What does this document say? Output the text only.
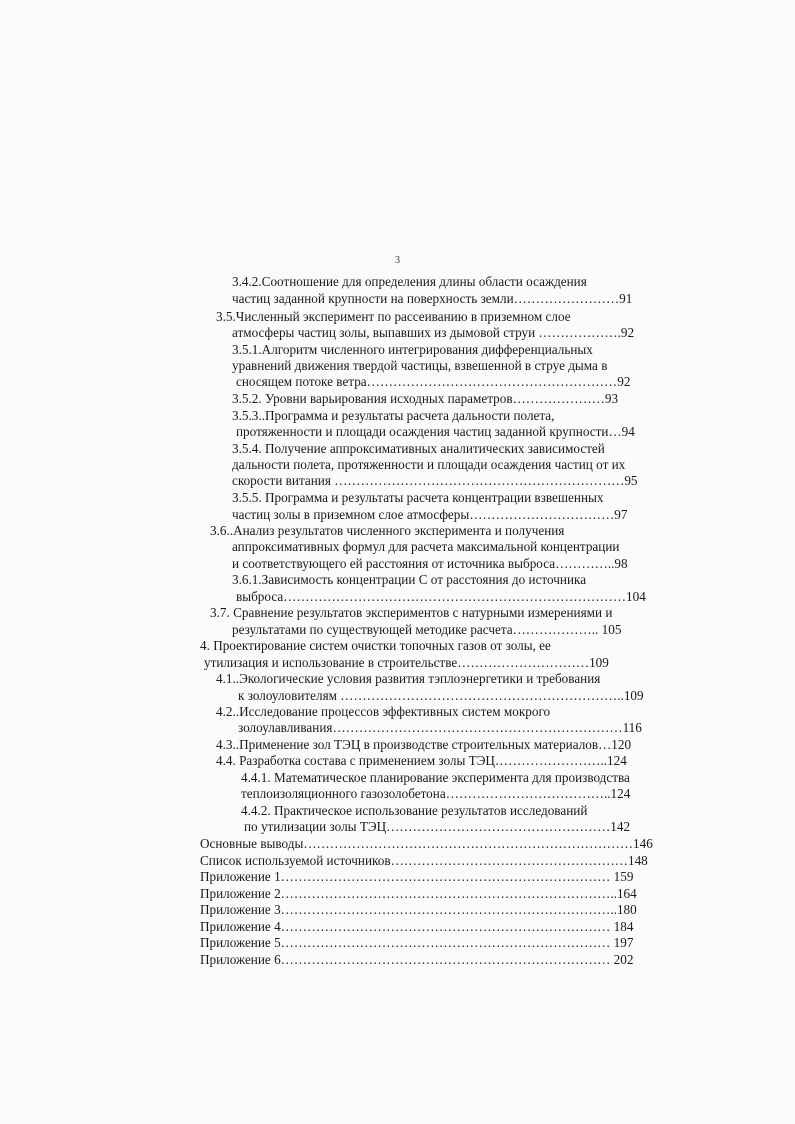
3
3.4.2.Соотношение для определения длины области осаждения
частиц заданной крупности на поверхность земли……………………91
3.5.Численный эксперимент по рассеиванию в приземном слое
атмосферы частиц золы, выпавших из дымовой струи ……………….92
3.5.1.Алгоритм численного интегрирования дифференциальных
уравнений движения твердой частицы, взвешенной в струе дыма в
сносящем потоке ветра…………………………………………………92
3.5.2. Уровни варьирования исходных параметров…………………93
3.5.3..Программа и результаты расчета дальности полета,
протяженности и площади осаждения частиц заданной крупности…94
3.5.4. Получение аппроксимативных аналитических зависимостей
дальности полета, протяженности и площади осаждения частиц от их
скорости витания …………………………………………………………95
3.5.5. Программа и результаты расчета концентрации взвешенных
частиц золы в приземном слое атмосферы……………………………97
3.6..Анализ результатов численного эксперимента и получения
аппроксимативных формул для расчета максимальной концентрации
и соответствующего ей расстояния от источника выброса…………..98
3.6.1.Зависимость концентрации С от расстояния до источника
выброса……………………………………………………………………104
3.7. Сравнение результатов экспериментов с натурными измерениями и
результатами по существующей методике расчета……………….. 105
4. Проектирование систем очистки топочных газов от золы, ее
утилизация и использование в строительстве…………………………109
4.1..Экологические условия развития тэплоэнергетики и требования
к золоуловителям ………………………………………………………..109
4.2..Исследование процессов эффективных систем мокрого
золоулавливания…………………………………………………………116
4.3..Применение зол ТЭЦ в производстве строительных материалов…120
4.4. Разработка состава с применением золы ТЭЦ……………………..124
4.4.1. Математическое планирование эксперимента для производства
теплоизоляционного газозолобетона………………………………..124
4.4.2. Практическое использование результатов исследований
по утилизации золы ТЭЦ……………………………………………142
Основные выводы…………………………………………………………………146
Список используемой источников………………………………………………148
Приложение 1………………………………………………………………… 159
Приложение 2…………………………………………………………………..164
Приложение 3…………………………………………………………………..180
Приложение 4………………………………………………………………… 184
Приложение 5………………………………………………………………… 197
Приложение 6………………………………………………………………… 202
